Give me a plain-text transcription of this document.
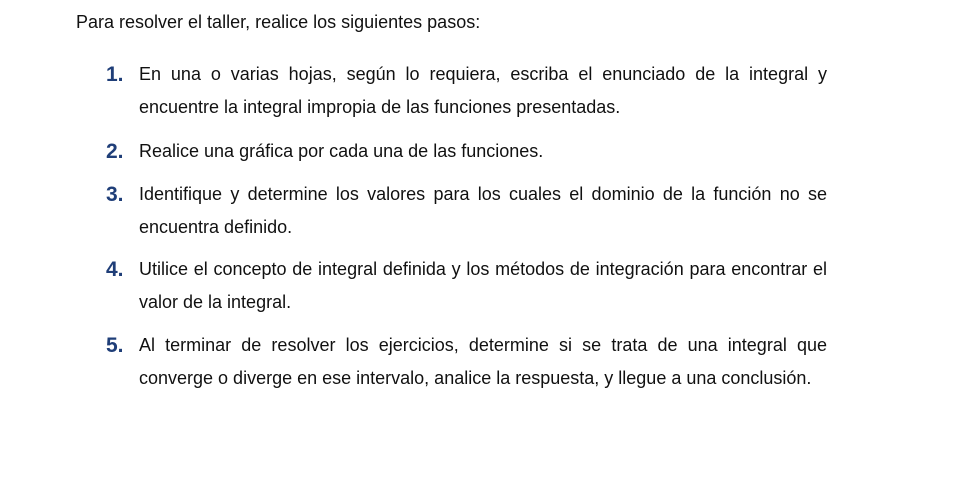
Para resolver el taller, realice los siguientes pasos:
1. En una o varias hojas, según lo requiera, escriba el enunciado de la integral y encuentre la integral impropia de las funciones presentadas.
2. Realice una gráfica por cada una de las funciones.
3. Identifique y determine los valores para los cuales el dominio de la función no se encuentra definido.
4. Utilice el concepto de integral definida y los métodos de integración para encontrar el valor de la integral.
5. Al terminar de resolver los ejercicios, determine si se trata de una integral que converge o diverge en ese intervalo, analice la respuesta, y llegue a una conclusión.
